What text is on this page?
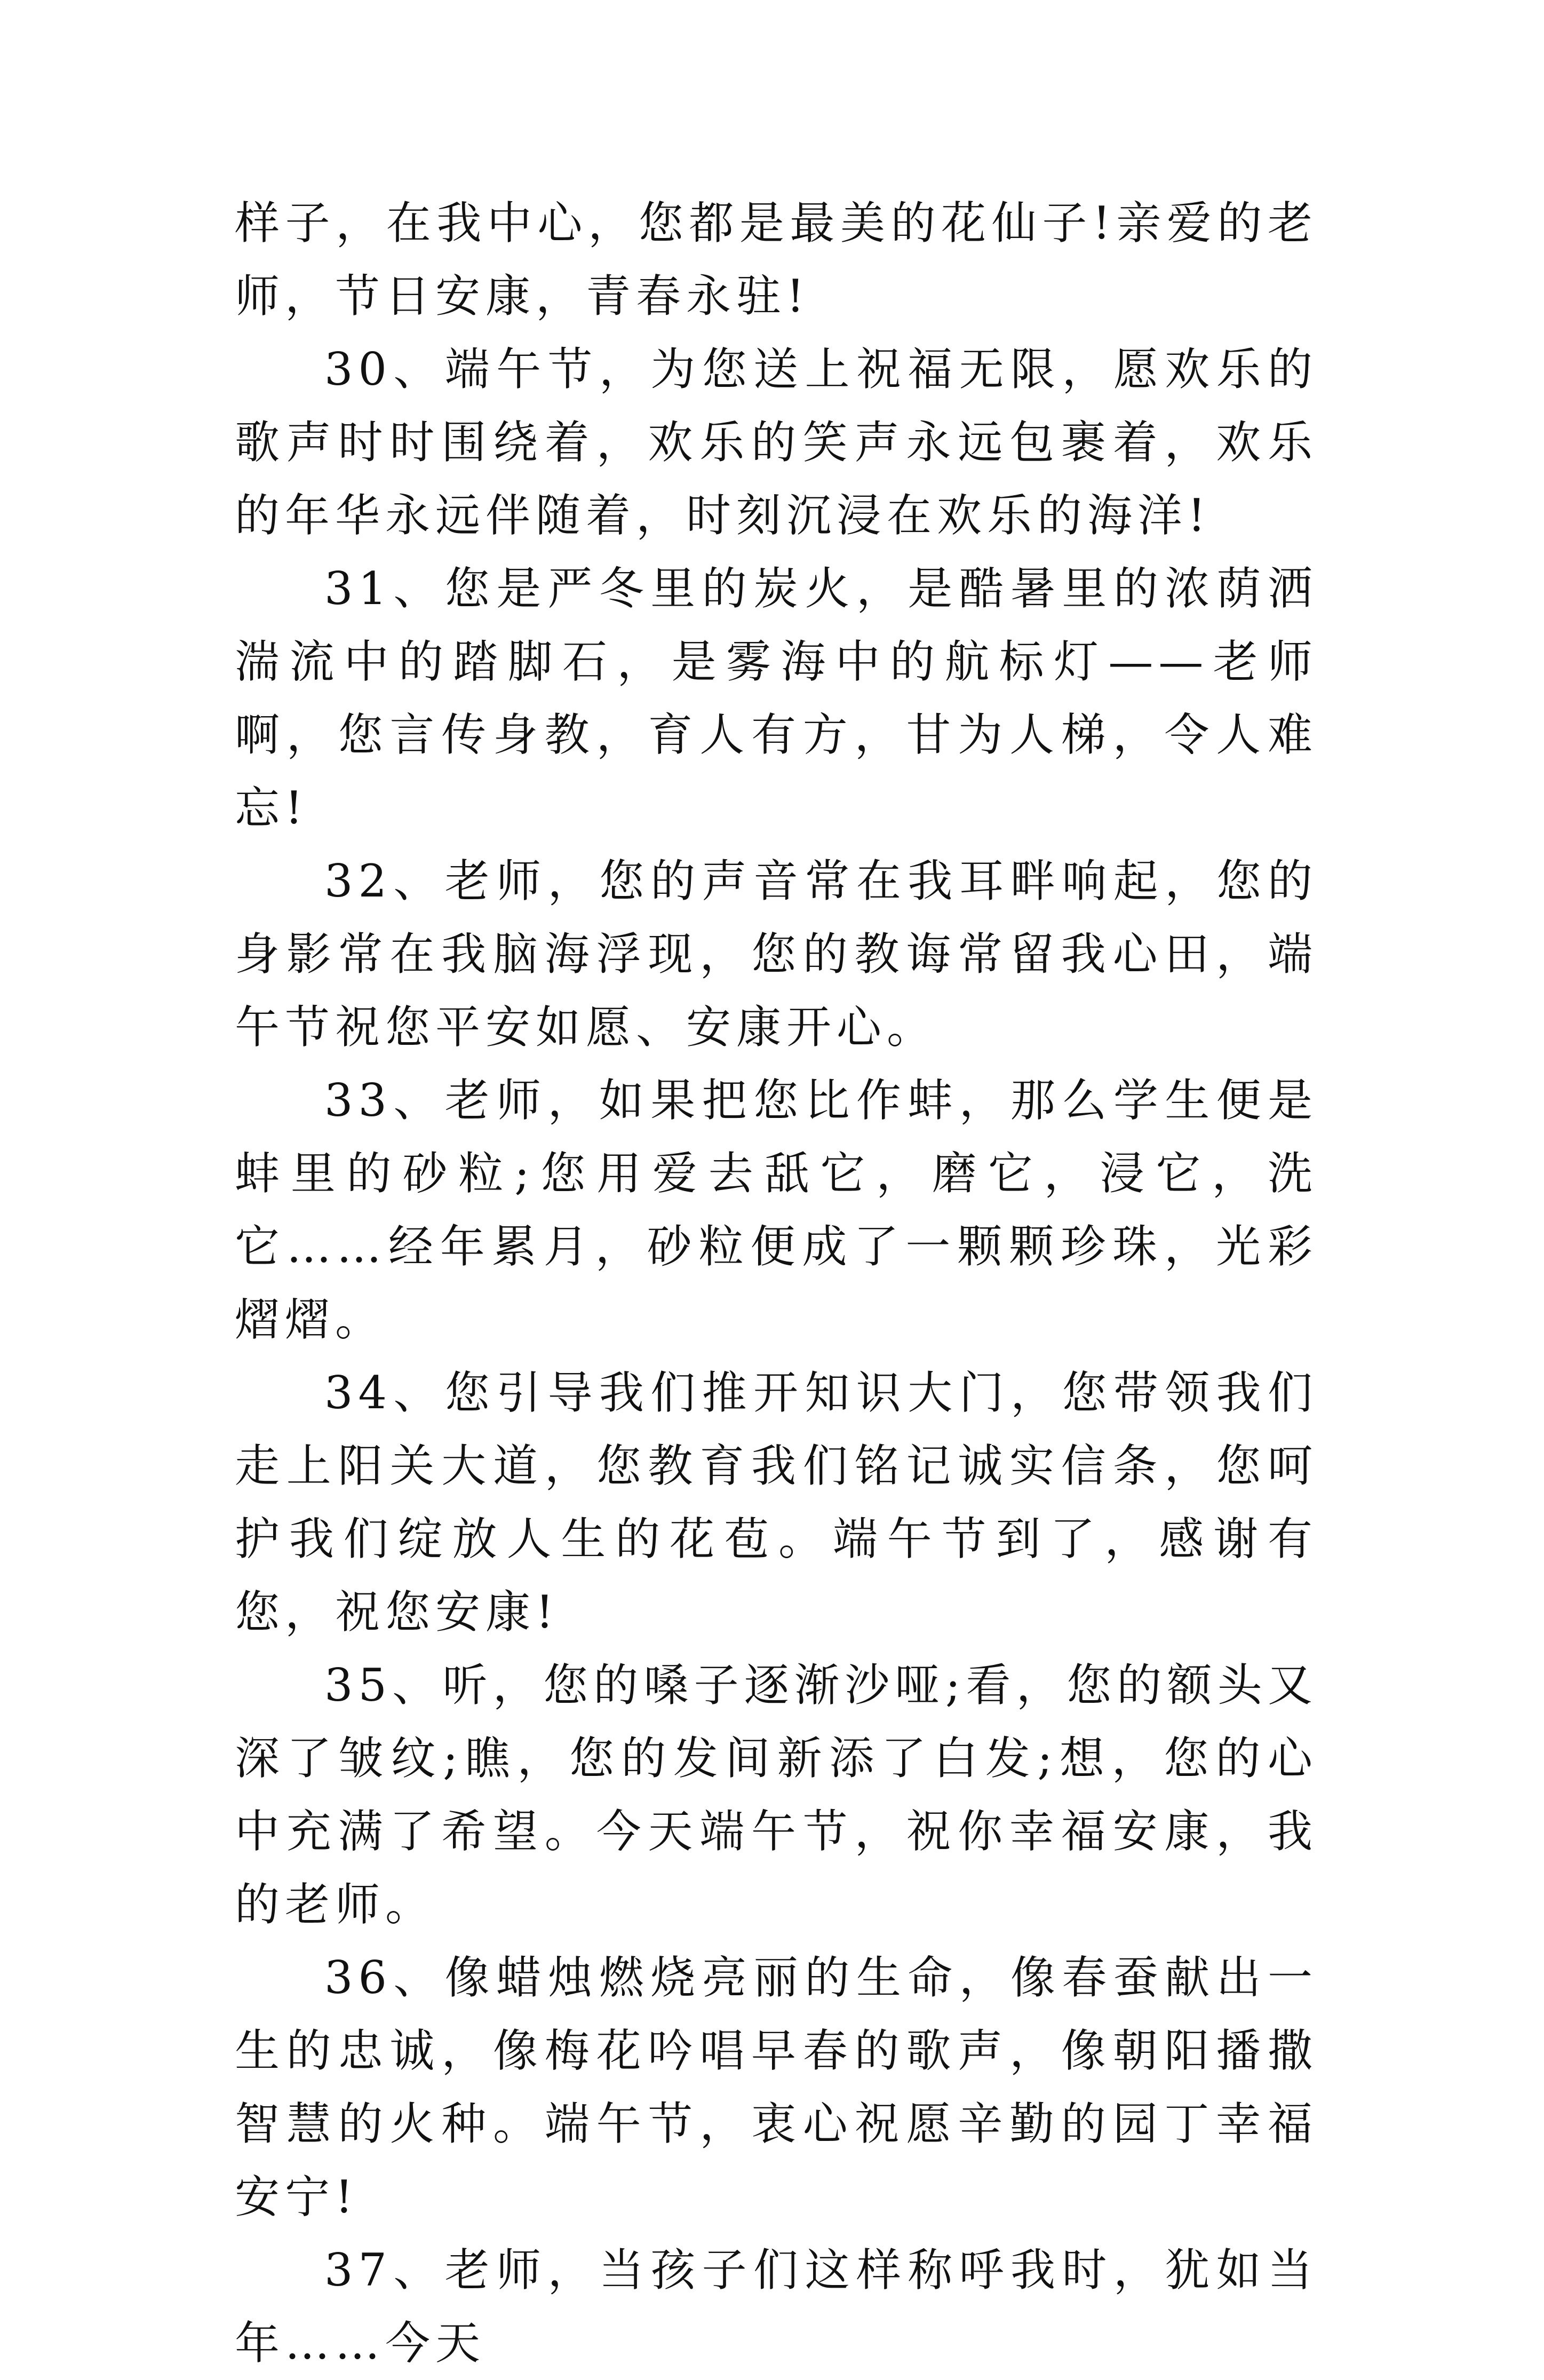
样子，在我中心，您都是最美的花仙子!亲爱的老师，节日安康，青春永驻!

30、端午节，为您送上祝福无限，愿欢乐的歌声时时围绕着，欢乐的笑声永远包裹着，欢乐的年华永远伴随着，时刻沉浸在欢乐的海洋!

31、您是严冬里的炭火，是酷暑里的浓荫洒湍流中的踏脚石，是雾海中的航标灯——老师啊，您言传身教，育人有方，甘为人梯，令人难忘!

32、老师，您的声音常在我耳畔响起，您的身影常在我脑海浮现，您的教诲常留我心田，端午节祝您平安如愿、安康开心。

33、老师，如果把您比作蚌，那么学生便是蚌里的砂粒;您用爱去舐它，磨它，浸它，洗它……经年累月，砂粒便成了一颗颗珍珠，光彩熠熠。

34、您引导我们推开知识大门，您带领我们走上阳关大道，您教育我们铭记诚实信条，您呵护我们绽放人生的花苞。端午节到了，感谢有您，祝您安康!

35、听，您的嗓子逐渐沙哑;看，您的额头又深了皱纹;瞧，您的发间新添了白发;想，您的心中充满了希望。今天端午节，祝你幸福安康，我的老师。

36、像蜡烛燃烧亮丽的生命，像春蚕献出一生的忠诚，像梅花吟唱早春的歌声，像朝阳播撒智慧的火种。端午节，衷心祝愿辛勤的园丁幸福安宁!

37、老师，当孩子们这样称呼我时，犹如当年……今天
